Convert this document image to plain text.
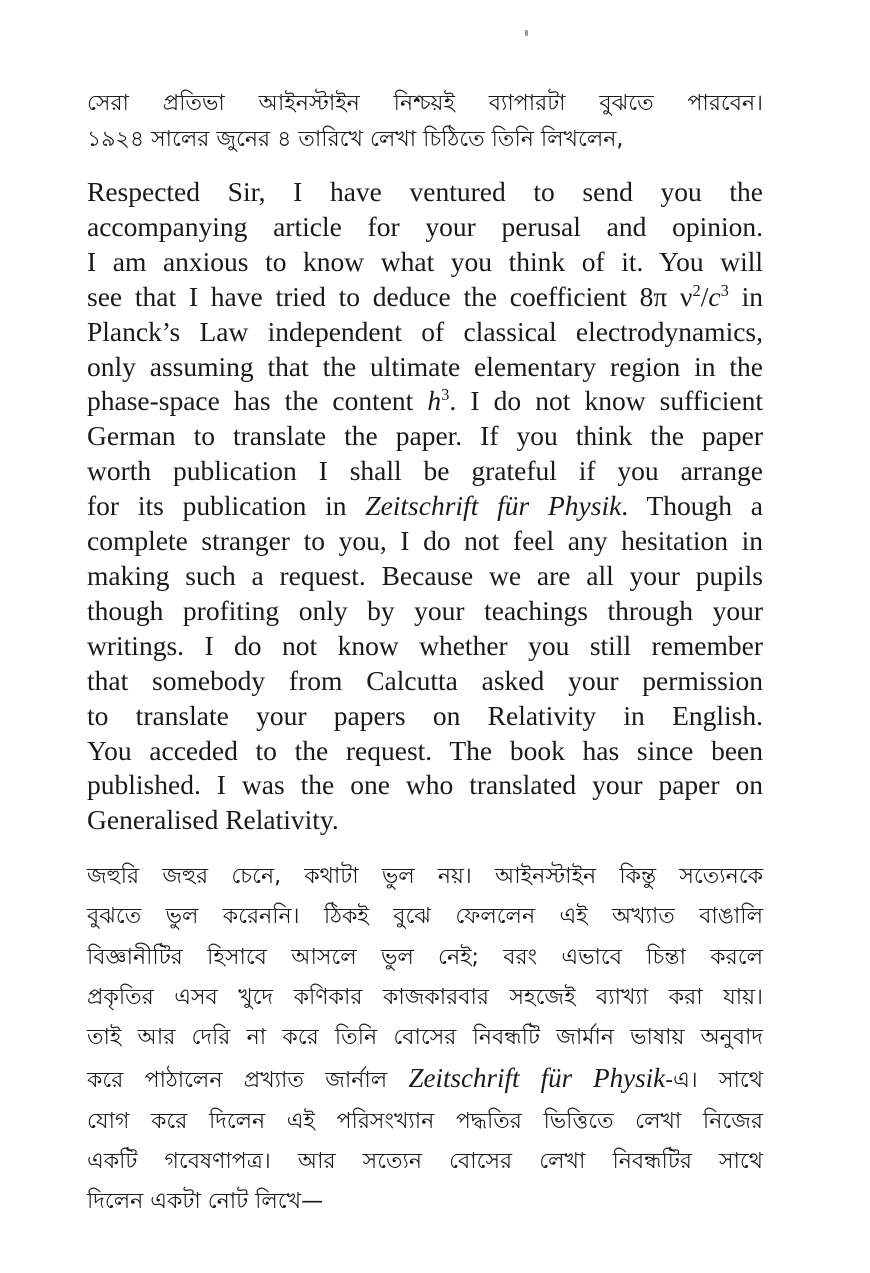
সেরা প্রতিভা আইনস্টাইন নিশ্চয়ই ব্যাপারটা বুঝতে পারবেন।
১৯২৪ সালের জুনের ৪ তারিখে লেখা চিঠিতে তিনি লিখলেন,
Respected Sir, I have ventured to send you the
accompanying article for your perusal and opinion.
I am anxious to know what you think of it. You will
see that I have tried to deduce the coefficient 8π $\nu^2/c^3$ in
Planck’s Law independent of classical electrodynamics,
only assuming that the ultimate elementary region in the
phase-space has the content $h^3$. I do not know sufficient
German to translate the paper. If you think the paper
worth publication I shall be grateful if you arrange
for its publication in Zeitschrift für Physik. Though a
complete stranger to you, I do not feel any hesitation in
making such a request. Because we are all your pupils
though profiting only by your teachings through your
writings. I do not know whether you still remember
that somebody from Calcutta asked your permission
to translate your papers on Relativity in English.
You acceded to the request. The book has since been
published. I was the one who translated your paper on
Generalised Relativity.
জহুরি জহুর চেনে, কথাটা ভুল নয়। আইনস্টাইন কিন্তু সত্যেনকে
বুঝতে ভুল করেননি। ঠিকই বুঝে ফেললেন এই অখ্যাত বাঙালি
বিজ্ঞানীটির হিসাবে আসলে ভুল নেই; বরং এভাবে চিন্তা করলে
প্রকৃতির এসব খুদে কণিকার কাজকারবার সহজেই ব্যাখ্যা করা যায়।
তাই আর দেরি না করে তিনি বোসের নিবন্ধটি জার্মান ভাষায় অনুবাদ
করে পাঠালেন প্রখ্যাত জার্নাল Zeitschrift für Physik-এ। সাথে
যোগ করে দিলেন এই পরিসংখ্যান পদ্ধতির ভিত্তিতে লেখা নিজের
একটি গবেষণাপত্র। আর সত্যেন বোসের লেখা নিবন্ধটির সাথে
দিলেন একটা নোট লিখে—
